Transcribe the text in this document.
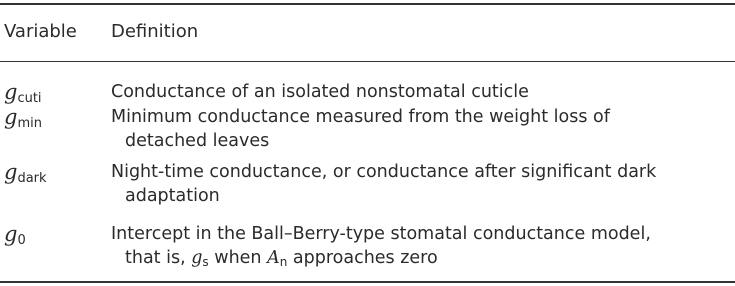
Variable Definition
$g_{cuti}$	Conductance of an isolated nonstomatal cuticle
$g_{min}$	Minimum conductance measured from the weight loss of
detached leaves
$g_{dark}$	Night-time conductance, or conductance after significant dark
adaptation
$g_0$	Intercept in the Ball–Berry-type stomatal conductance model,
that is, $g_s$ when $A_n$ approaches zero
